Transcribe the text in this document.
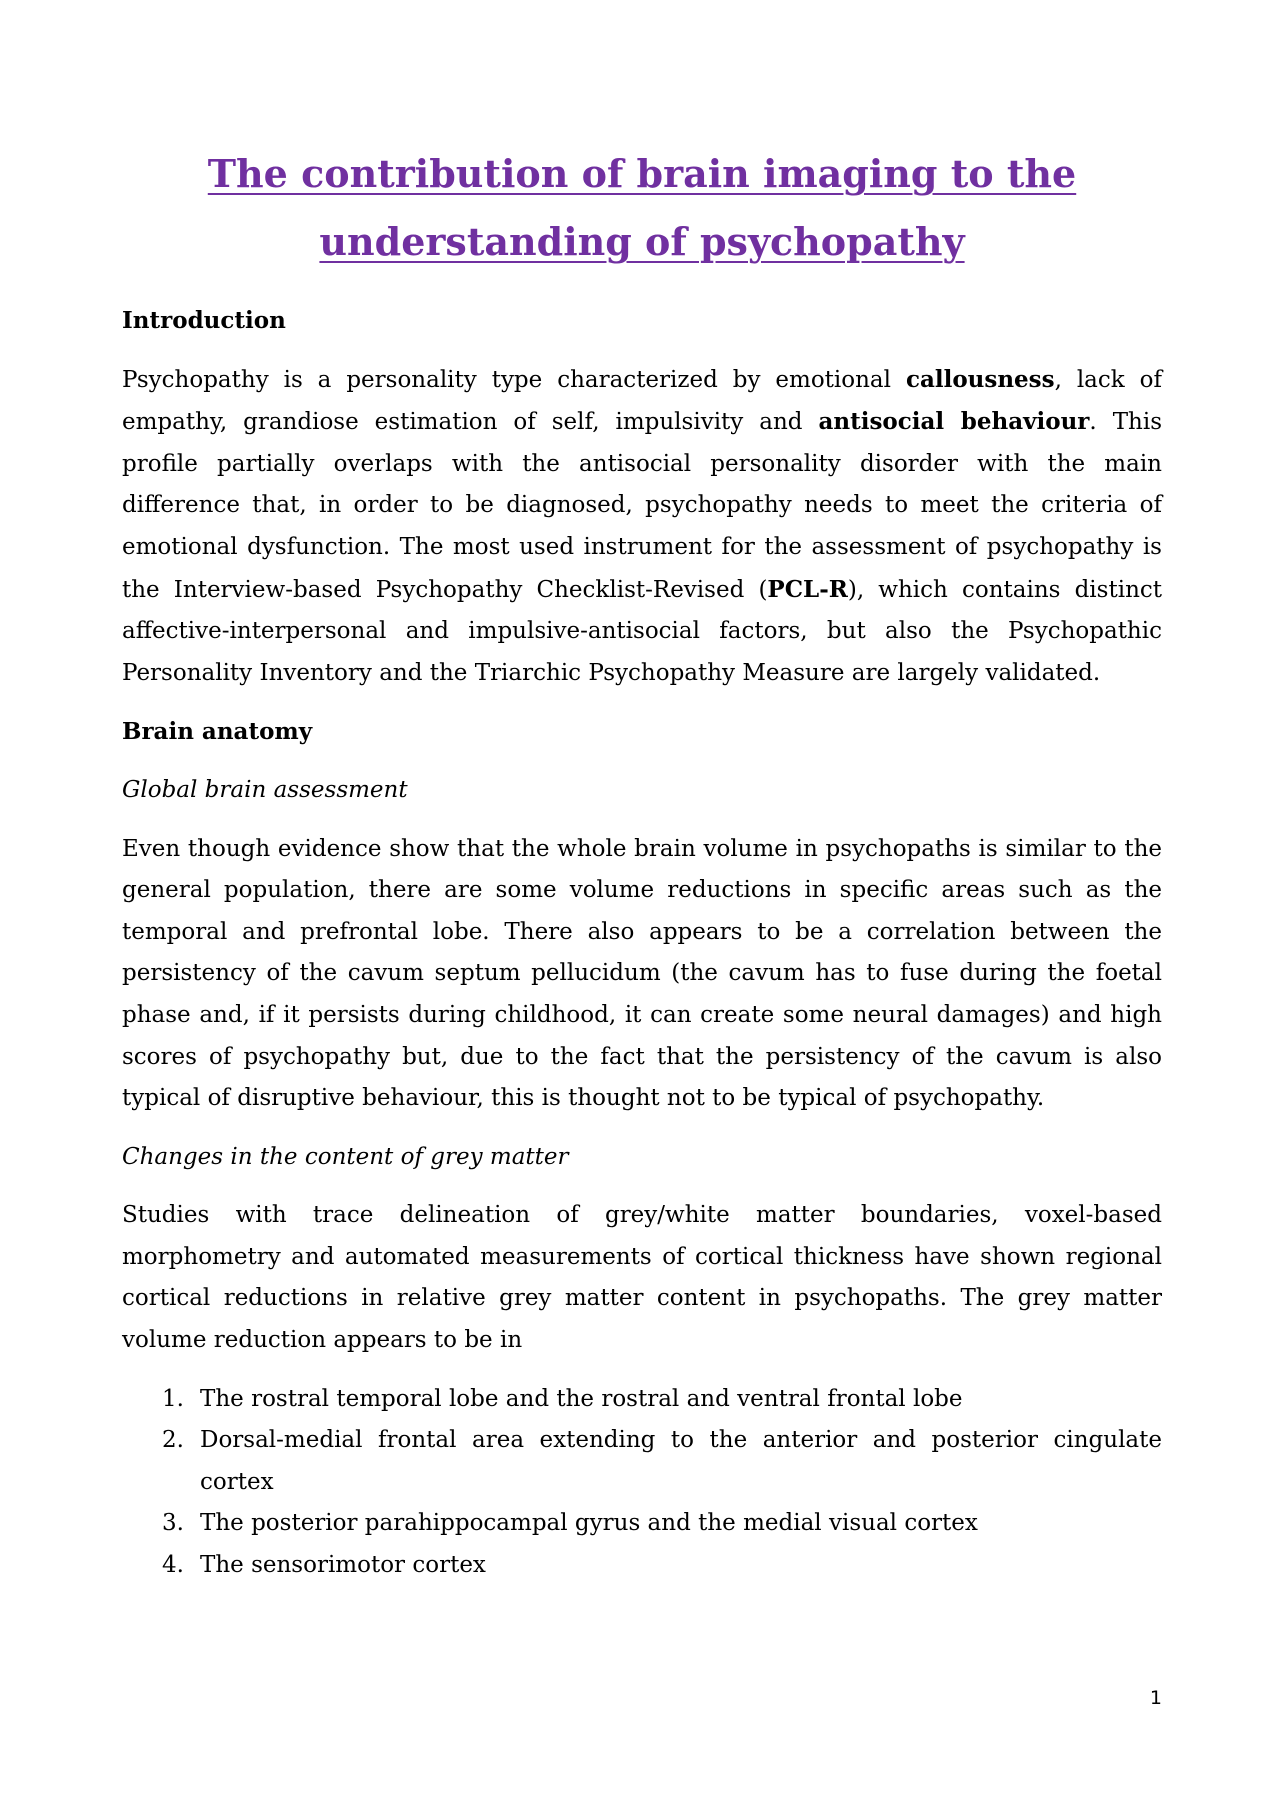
The contribution of brain imaging to the understanding of psychopathy

Introduction

Psychopathy is a personality type characterized by emotional callousness, lack of empathy, grandiose estimation of self, impulsivity and antisocial behaviour. This profile partially overlaps with the antisocial personality disorder with the main difference that, in order to be diagnosed, psychopathy needs to meet the criteria of emotional dysfunction. The most used instrument for the assessment of psychopathy is the Interview-based Psychopathy Checklist-Revised (PCL-R), which contains distinct affective-interpersonal and impulsive-antisocial factors, but also the Psychopathic Personality Inventory and the Triarchic Psychopathy Measure are largely validated.

Brain anatomy

Global brain assessment

Even though evidence show that the whole brain volume in psychopaths is similar to the general population, there are some volume reductions in specific areas such as the temporal and prefrontal lobe. There also appears to be a correlation between the persistency of the cavum septum pellucidum (the cavum has to fuse during the foetal phase and, if it persists during childhood, it can create some neural damages) and high scores of psychopathy but, due to the fact that the persistency of the cavum is also typical of disruptive behaviour, this is thought not to be typical of psychopathy.

Changes in the content of grey matter

Studies with trace delineation of grey/white matter boundaries, voxel-based morphometry and automated measurements of cortical thickness have shown regional cortical reductions in relative grey matter content in psychopaths. The grey matter volume reduction appears to be in

1. The rostral temporal lobe and the rostral and ventral frontal lobe
2. Dorsal-medial frontal area extending to the anterior and posterior cingulate cortex
3. The posterior parahippocampal gyrus and the medial visual cortex
4. The sensorimotor cortex
1
